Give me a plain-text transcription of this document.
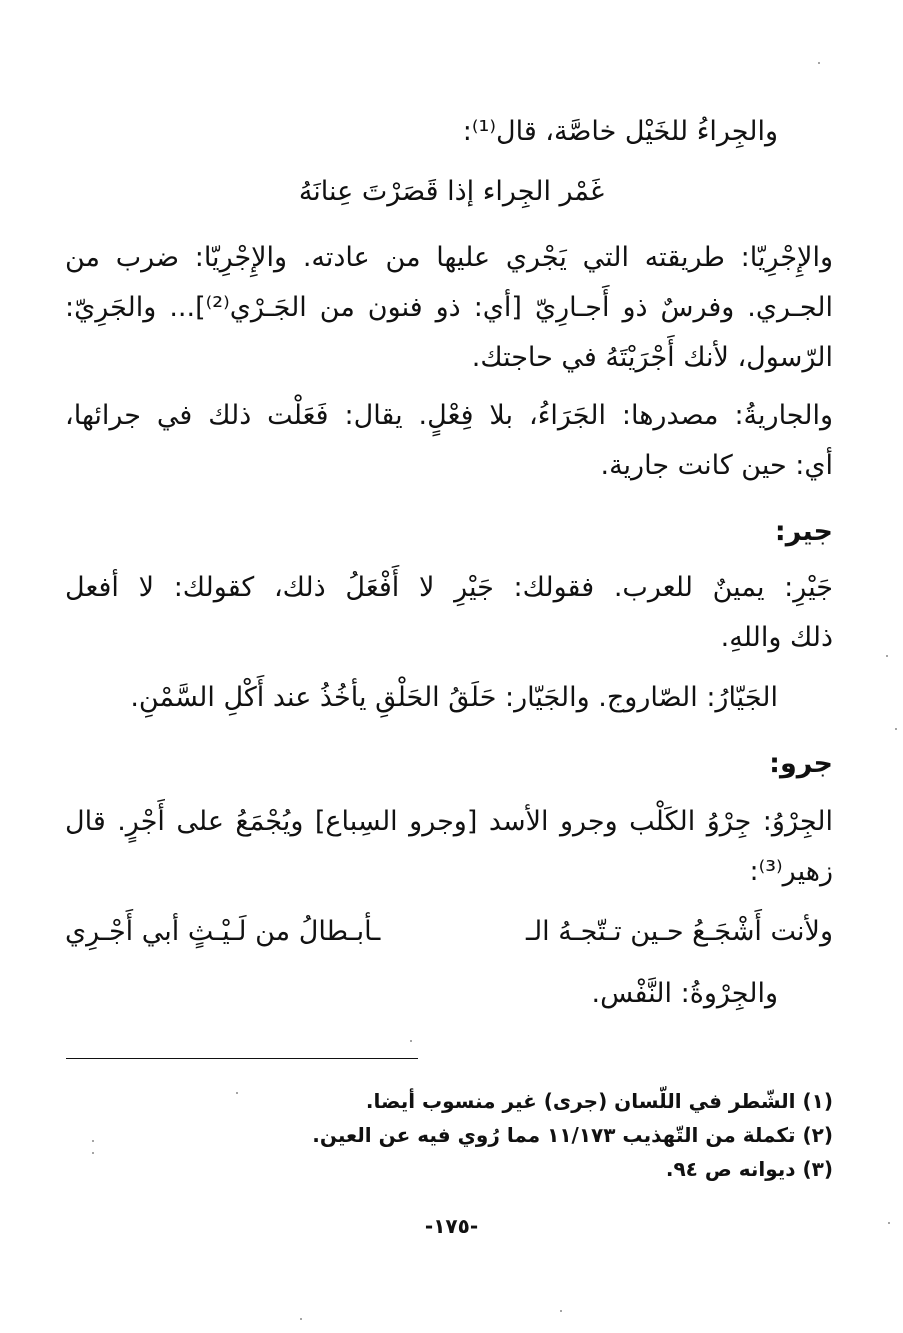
والجِراءُ للخَيْل خاصَّة، قال⁽¹⁾:
غَمْر الجِراء إذا قَصَرْتَ عِنانَهُ
والإِجْرِيّا: طريقته التي يَجْري عليها من عادته. والإِجْرِيّا: ضرب من
الجـري. وفرسٌ ذو أَجـارِيّ [أي: ذو فنون من الجَـرْي⁽²⁾]... والجَرِيّ:
الرّسول، لأنك أَجْرَيْتَهُ في حاجتك.
والجاريةُ: مصدرها: الجَرَاءُ، بلا فِعْلٍ. يقال: فَعَلْت ذلك في جرائها،
أي: حين كانت جارية.
جير:
جَيْرِ: يمينٌ للعرب. فقولك: جَيْرِ لا أَفْعَلُ ذلك، كقولك: لا أفعل
ذلك واللهِ.
الجَيّارُ: الصّاروج. والجَيّار: حَلَقُ الحَلْقِ يأخُذُ عند أَكْلِ السَّمْنِ.
جرو:
الجِرْوُ: جِرْوُ الكَلْب وجرو الأسد [وجرو السِباع] ويُجْمَعُ على أَجْرٍ. قال
زهير⁽³⁾:
ولأنت أَشْجَـعُ حـين تـتّجـهُ الـ
ـأبـطالُ من لَـيْـثٍ أبي أَجْـرِي
والجِرْوةُ: النَّفْس.
(١) الشّطر في اللّسان (جرى) غير منسوب أيضا.
(٢) تكملة من التّهذيب ١١/١٧٣ مما رُوي فيه عن العين.
(٣) ديوانه ص ٩٤.
-١٧٥-
